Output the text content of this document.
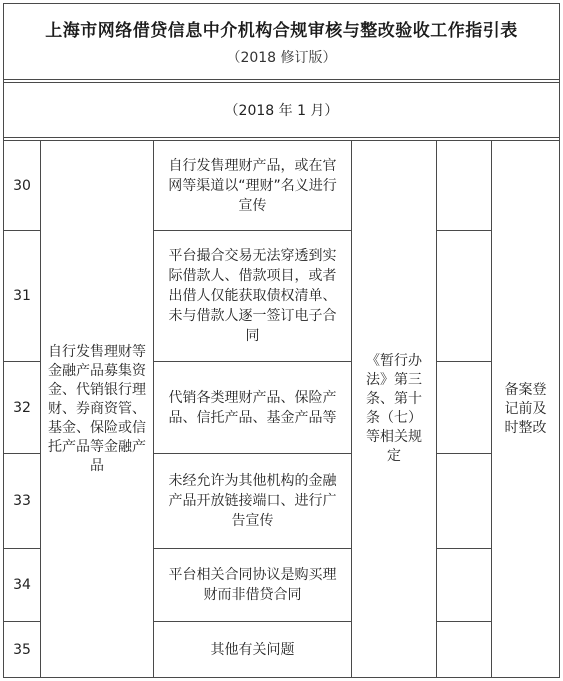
上海市网络借贷信息中介机构合规审核与整改验收工作指引表
（2018 修订版）
（2018 年 1 月）
30
自行发售理财产品，或在官网等渠道以“理财”名义进行宣传
31
平台撮合交易无法穿透到实际借款人、借款项目，或者出借人仅能获取债权清单、未与借款人逐一签订电子合同
32
代销各类理财产品、保险产品、信托产品、基金产品等
33
未经允许为其他机构的金融产品开放链接端口、进行广告宣传
34
平台相关合同协议是购买理财而非借贷合同
35	其他有关问题
自行发售理财等金融产品募集资金、代销银行理财、券商资管、基金、保险或信托产品等金融产品
《暂行办法》第三条、第十条（七）等相关规定
备案登记前及时整改
